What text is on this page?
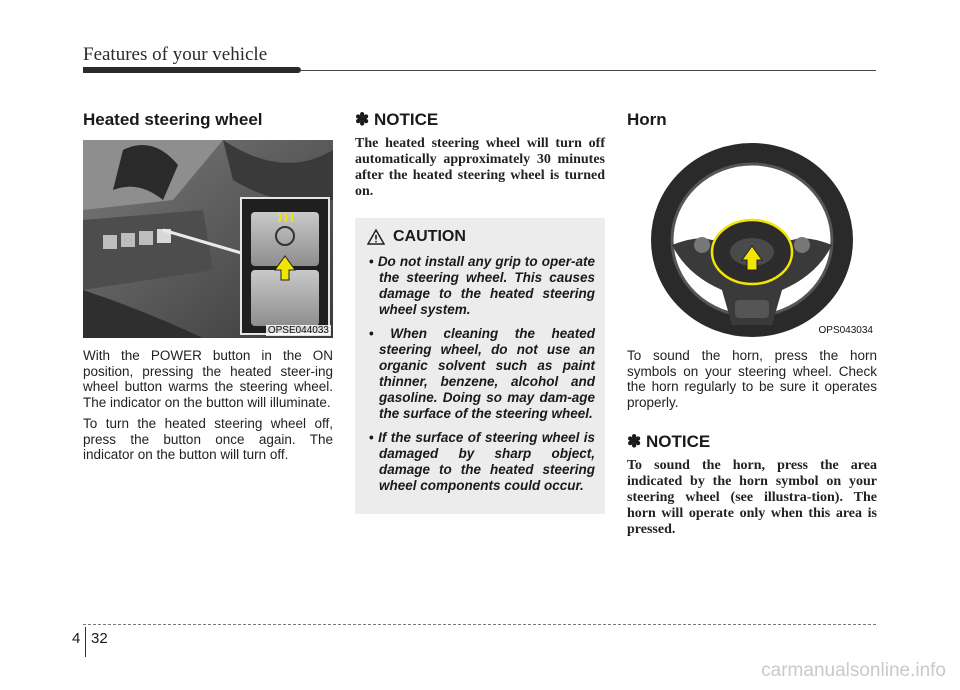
Features of your vehicle
Heated steering wheel
OPSE044033

With the POWER button in the ON position, pressing the heated steer-ing wheel button warms the steering wheel. The indicator on the button will illuminate.

To turn the heated steering wheel off, press the button once again. The indicator on the button will turn off.

✽ NOTICE

The heated steering wheel will turn off automatically approximately 30 minutes after the heated steering wheel is turned on.

CAUTION
• Do not install any grip to oper-ate the steering wheel. This causes damage to the heated steering wheel system.
• When cleaning the heated steering wheel, do not use an organic solvent such as paint thinner, benzene, alcohol and gasoline. Doing so may dam-age the surface of the steering wheel.
• If the surface of steering wheel is damaged by sharp object, damage to the heated steering wheel components could occur.
Horn
OPS043034

To sound the horn, press the horn symbols on your steering wheel. Check the horn regularly to be sure it operates properly.

✽ NOTICE

To sound the horn, press the area indicated by the horn symbol on your steering wheel (see illustra-tion). The horn will operate only when this area is pressed.

4 32
carmanualsonline.info
